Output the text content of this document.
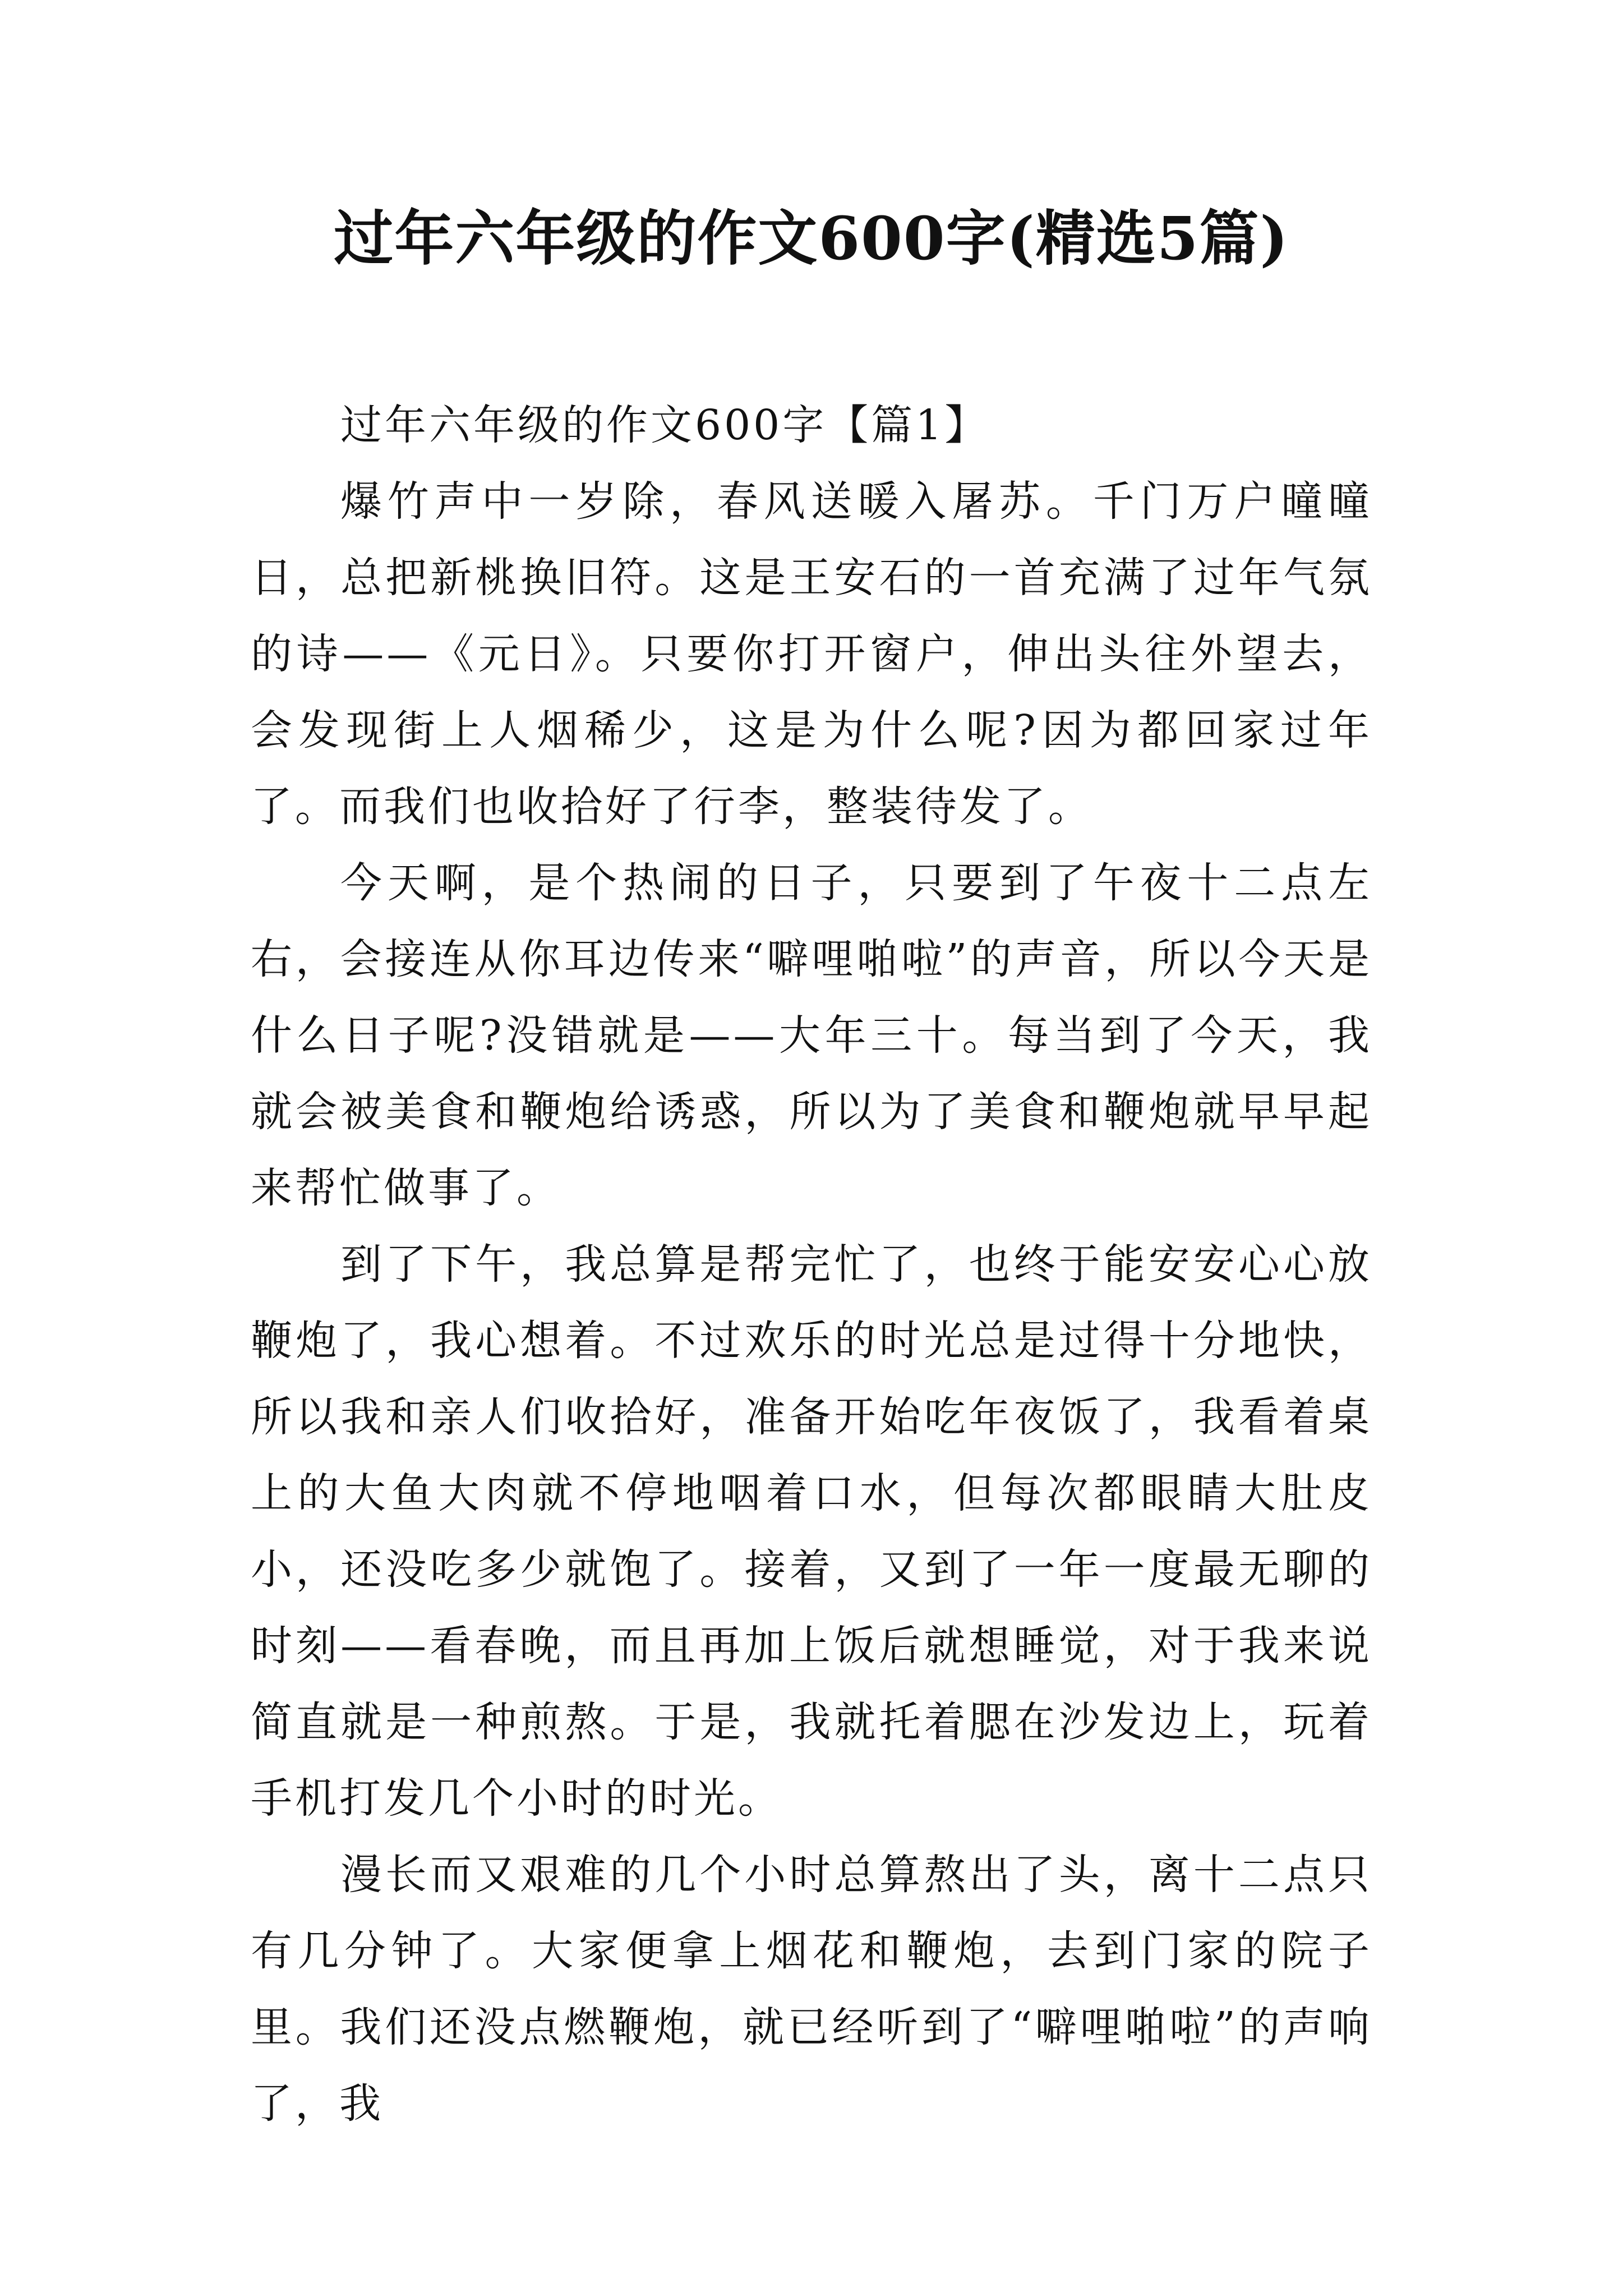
过年六年级的作文600字(精选5篇)

过年六年级的作文600字【篇1】

爆竹声中一岁除，春风送暖入屠苏。千门万户曈曈日，总把新桃换旧符。这是王安石的一首充满了过年气氛的诗——《元日》。只要你打开窗户，伸出头往外望去，会发现街上人烟稀少，这是为什么呢?因为都回家过年了。而我们也收拾好了行李，整装待发了。

今天啊，是个热闹的日子，只要到了午夜十二点左右，会接连从你耳边传来“噼哩啪啦”的声音，所以今天是什么日子呢?没错就是——大年三十。每当到了今天，我就会被美食和鞭炮给诱惑，所以为了美食和鞭炮就早早起来帮忙做事了。

到了下午，我总算是帮完忙了，也终于能安安心心放鞭炮了，我心想着。不过欢乐的时光总是过得十分地快，所以我和亲人们收拾好，准备开始吃年夜饭了，我看着桌上的大鱼大肉就不停地咽着口水，但每次都眼睛大肚皮小，还没吃多少就饱了。接着，又到了一年一度最无聊的时刻——看春晚，而且再加上饭后就想睡觉，对于我来说简直就是一种煎熬。于是，我就托着腮在沙发边上，玩着手机打发几个小时的时光。

漫长而又艰难的几个小时总算熬出了头，离十二点只有几分钟了。大家便拿上烟花和鞭炮，去到门家的院子里。我们还没点燃鞭炮，就已经听到了“噼哩啪啦”的声响了，我
